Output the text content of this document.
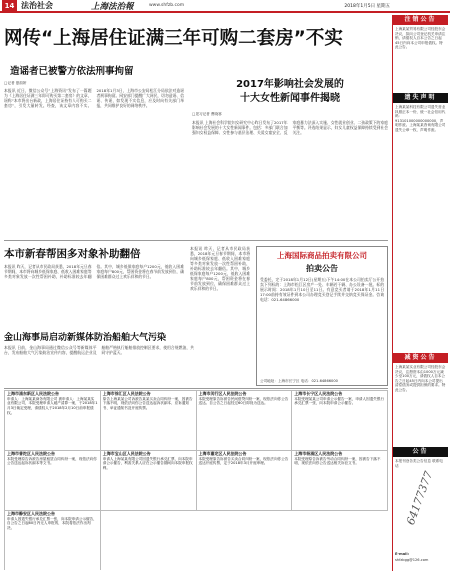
14 法治社会	上海法治報	www.shfzb.com	2018年1月5日 星期五
网传“上海居住证满三年可购二套房”不实
造谣者已被警方依法刑事拘留
□记者 夏韵妍
本报讯 近日，微信公众号“上海资讯”发布了一篇题为《上海居住证满三年即可购买第二套房》的文章，谣称“本市将出台新政，上海居住证持有人可购买二套房”，引发大量转发。经查，该文章内容不实。2018年1月3日，上海市公安局松江分局依法对造谣者刑事拘留。网安部门提醒广大网民，切勿造谣、信谣、传谣，如发现不实信息，应及时向有关部门举报，共同维护良好的网络秩序。
2017年影响社会发展的
十大女性新闻事件揭晓
□见习记者 曹晓寒
本报讯 上海社会科学院妇女研究中心昨日发布了2017年影响社会发展的十大女性新闻事件。包括：多部门联合加强妇女权益保障、女性参与基层治理、关爱女童安全、反家庭暴力法深入实施、女性就业创业、二孩政策下的家庭平衡等。评选结果显示，妇女儿童权益保障持续受到社会关注。
本市新春帮困多对象补助翻倍
本报讯 昨天，记者从市民政局获悉，2018年元旦春节期间，本市将向城乡低保家庭、低收入困难家庭等多类对象发放一次性帮困补助，补助标准较去年翻倍。其中，城乡低保家庭每户1200元，低收入困难家庭每户800元，帮困资金将在春节前发放到位，确保困难群众过上欢乐祥和的节日。
金山海事局启动新媒体防治船舶大气污染
本报讯 日前，金山海事局通过微信公众号等新媒体平台，发布船舶大气污染防治宣传内容，提醒航运企业及船舶严格执行船舶排放控制区要求，使用合规燃油，共同守护蓝天。
本报讯 昨天，记者从市民政局获悉，2018年元旦春节期间，本市将向城乡低保家庭、低收入困难家庭等多类对象发放一次性帮困补助，补助标准较去年翻倍。其中，城乡低保家庭每户1200元，低收入困难家庭每户800元，帮困资金将在春节前发放到位，确保困难群众过上欢乐祥和的节日。
上海国际商品拍卖有限公司
拍卖公告
受委托，定于2018年1月12日(星期五)下午14:00在本公司拍卖厅公开拍卖下列标的：上海市松江区房产一处、车辆若干辆、办公设备一批。标的展示时间：2018年1月10日至11日。有意竞买者请于2018年1月11日17:00前持有效证件到本公司办理竞买登记手续并交纳竞买保证金。咨询电话：021-64866000
公司地址：上海市长宁区 电话：021-64866000
上海市浦东新区人民法院公告
申请人：上海某某商务有限公司 被申请人：上海某某实业有限公司，本院受理申请人破产清算一案，于2018年1月3日裁定受理，请债权人于2018年2月10日前申报债权。
上海市徐汇区人民法院公告
原告上海某某公司诉被告某某买卖合同纠纷一案，因被告下落不明，现依法向你公告送达起诉状副本、应诉通知书、举证通知书及开庭传票。
上海市闵行区人民法院公告
本院受理原告诉被告民间借贷纠纷一案，现依法向你公告送达。自公告之日起经过60日即视为送达。
上海市长宁区人民法院公告
本院受理某某公司申请公示催告一案，申请人因遗失银行承兑汇票一张，向本院申请公示催告。
上海市普陀区人民法院公告
本院受理原告诉被告房屋租赁合同纠纷一案，现依法向你公告送达起诉状副本等文书。
上海市宝山区人民法院公告
申请人上海某某有限公司因遗失银行承兑汇票，向本院申请公示催告，利害关系人应在公示催告期间向本院申报权利。
上海市嘉定区人民法院公告
本院受理原告诉被告买卖合同纠纷一案，现依法向你公告送达开庭传票，定于2018年3月开庭审理。
上海市杨浦区人民法院公告
本院受理原告诉被告劳动合同纠纷一案，因被告下落不明，现依法向你公告送达相关诉讼文书。
上海市静安区人民法院公告
申请人因遗失银行承兑汇票一张，向本院申请公示催告，自公告之日起60日内无人申报的，本院将依法作出判决。
注销公告
上海某某贸易有限公司经股东会决议，拟向公司登记机关申请注销，请债权人自本公告之日起45日内向本公司申报债权。特此公告。
遗失声明
上海某某科技有限公司遗失营业执照正本一份，统一社会信用代码：913101000000000000，声明作废。上海某某咨询有限公司遗失公章一枚，声明作废。
减资公告
上海某某实业有限公司经股东会决议，注册资本由1000万元减少至100万元，请债权人自本公告之日起45日内向本公司提出清偿债务或提供担保的要求。特此公告。
公告
本报刊登各类公告信息 联系电话
64177377
E-mail:
shfzbgg@126.com
